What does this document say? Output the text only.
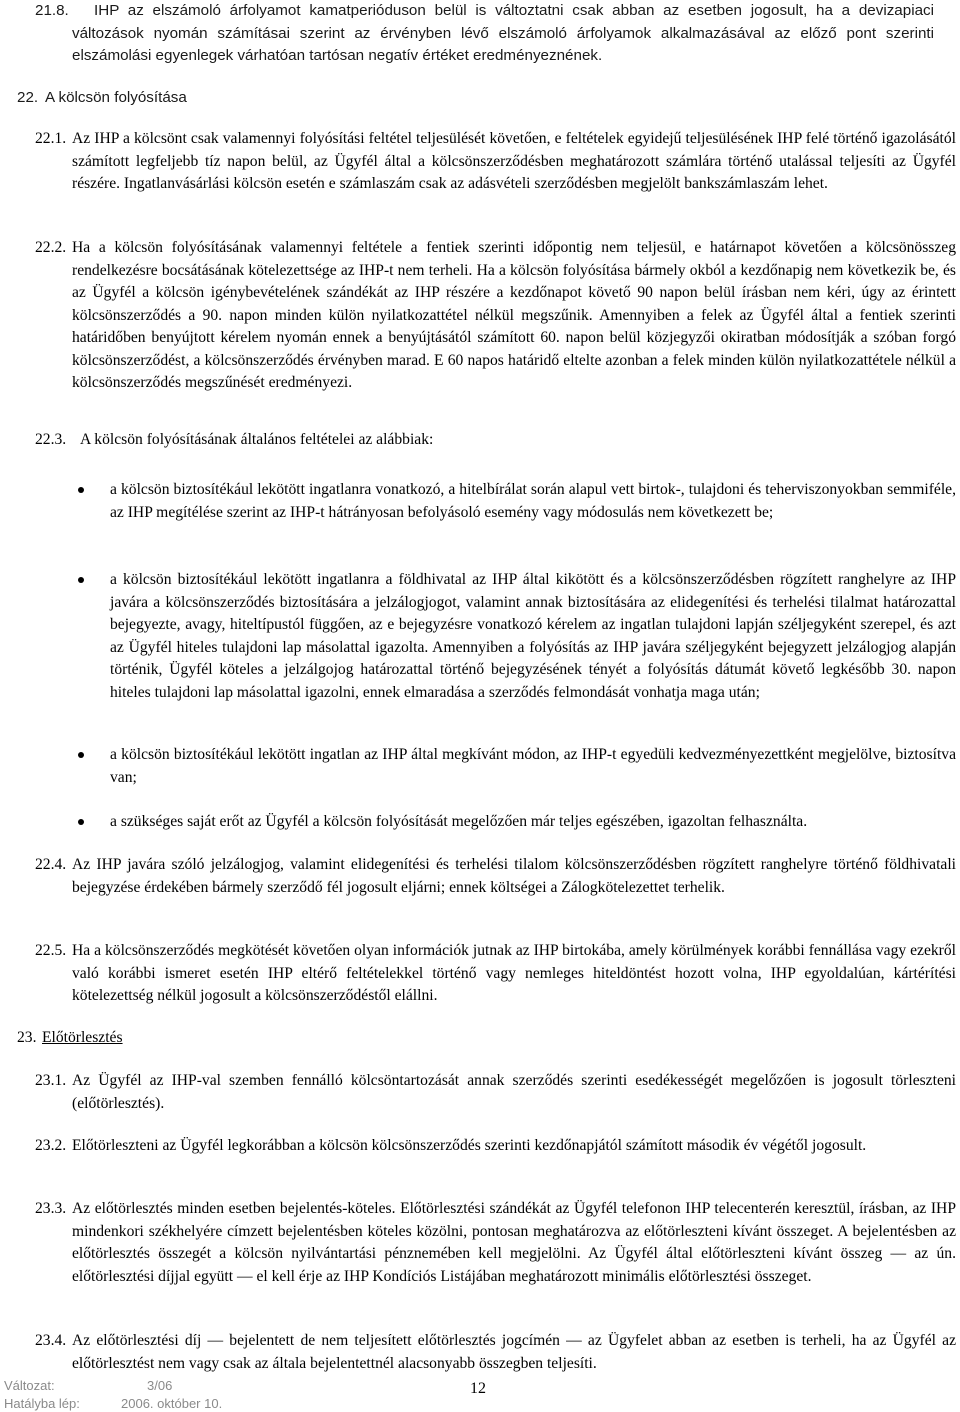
21.8.	IHP az elszámoló árfolyamot kamatperióduson belül is változtatni csak abban az esetben jogosult, ha a devizapiaci változások nyomán számításai szerint az érvényben lévő elszámoló árfolyamok alkalmazásával az előző pont szerinti elszámolási egyenlegek várhatóan tartósan negatív értéket eredményeznének.

22. A kölcsön folyósítása
22.1. Az IHP a kölcsönt csak valamennyi folyósítási feltétel teljesülését követően, e feltételek egyidejű teljesülésének IHP felé történő igazolásától számított legfeljebb tíz napon belül, az Ügyfél által a kölcsönszerződésben meghatározott számlára történő utalással teljesíti az Ügyfél részére. Ingatlanvásárlási kölcsön esetén e számlaszám csak az adásvételi szerződésben megjelölt bankszámlaszám lehet.

22.2. Ha a kölcsön folyósításának valamennyi feltétele a fentiek szerinti időpontig nem teljesül, e határnapot követően a kölcsönösszeg rendelkezésre bocsátásának kötelezettsége az IHP-t nem terheli. Ha a kölcsön folyósítása bármely okból a kezdőnapig nem következik be, és az Ügyfél a kölcsön igénybevételének szándékát az IHP részére a kezdőnapot követő 90 napon belül írásban nem kéri, úgy az érintett kölcsönszerződés a 90. napon minden külön nyilatkozattétel nélkül megszűnik. Amennyiben a felek az Ügyfél által a fentiek szerinti határidőben benyújtott kérelem nyomán ennek a benyújtásától számított 60. napon belül közjegyzői okiratban módosítják a szóban forgó kölcsönszerződést, a kölcsönszerződés érvényben marad. E 60 napos határidő eltelte azonban a felek minden külön nyilatkozattétele nélkül a kölcsönszerződés megszűnését eredményezi.

22.3. A kölcsön folyósításának általános feltételei az alábbiak:

a kölcsön biztosítékául lekötött ingatlanra vonatkozó, a hitelbírálat során alapul vett birtok-, tulajdoni és teherviszonyokban semmiféle, az IHP megítélése szerint az IHP-t hátrányosan befolyásoló esemény vagy módosulás nem következett be;

a kölcsön biztosítékául lekötött ingatlanra a földhivatal az IHP által kikötött és a kölcsönszerződésben rögzített ranghelyre az IHP javára a kölcsönszerződés biztosítására a jelzálogjogot, valamint annak biztosítására az elidegenítési és terhelési tilalmat határozattal bejegyezte, avagy, hiteltípustól függően, az e bejegyzésre vonatkozó kérelem az ingatlan tulajdoni lapján széljegyként szerepel, és azt az Ügyfél hiteles tulajdoni lap másolattal igazolta. Amennyiben a folyósítás az IHP javára széljegyként bejegyzett jelzálogjog alapján történik, Ügyfél köteles a jelzálgojog határozattal történő bejegyzésének tényét a folyósítás dátumát követő legkésőbb 30. napon hiteles tulajdoni lap másolattal igazolni, ennek elmaradása a szerződés felmondását vonhatja maga után;

a kölcsön biztosítékául lekötött ingatlan az IHP által megkívánt módon, az IHP-t egyedüli kedvezményezettként megjelölve, biztosítva van;

a szükséges saját erőt az Ügyfél a kölcsön folyósítását megelőzően már teljes egészében, igazoltan felhasználta.

22.4. Az IHP javára szóló jelzálogjog, valamint elidegenítési és terhelési tilalom kölcsönszerződésben rögzített ranghelyre történő földhivatali bejegyzése érdekében bármely szerződő fél jogosult eljárni; ennek költségei a Zálogkötelezettet terhelik.

22.5. Ha a kölcsönszerződés megkötését követően olyan információk jutnak az IHP birtokába, amely körülmények korábbi fennállása vagy ezekről való korábbi ismeret esetén IHP eltérő feltételekkel történő vagy nemleges hiteldöntést hozott volna, IHP egyoldalúan, kártérítési kötelezettség nélkül jogosult a kölcsönszerződéstől elállni.

23. Előtörlesztés
23.1. Az Ügyfél az IHP-val szemben fennálló kölcsöntartozását annak szerződés szerinti esedékességét megelőzően is jogosult törleszteni (előtörlesztés).

23.2. Előtörleszteni az Ügyfél legkorábban a kölcsön kölcsönszerződés szerinti kezdőnapjától számított második év végétől jogosult.

23.3. Az előtörlesztés minden esetben bejelentés-köteles. Előtörlesztési szándékát az Ügyfél telefonon IHP telecenterén keresztül, írásban, az IHP mindenkori székhelyére címzett bejelentésben köteles közölni, pontosan meghatározva az előtörleszteni kívánt összeget. A bejelentésben az előtörlesztés összegét a kölcsön nyilvántartási pénznemében kell megjelölni. Az Ügyfél által előtörleszteni kívánt összeg — az ún. előtörlesztési díjjal együtt — el kell érje az IHP Kondíciós Listájában meghatározott minimális előtörlesztési összeget.

23.4. Az előtörlesztési díj — bejelentett de nem teljesített előtörlesztés jogcímén — az Ügyfelet abban az esetben is terheli, ha az Ügyfél az előtörlesztést nem vagy csak az általa bejelentettnél alacsonyabb összegben teljesíti.

Változat:	3/06
Hatályba lép:	2006. október 10.
12
